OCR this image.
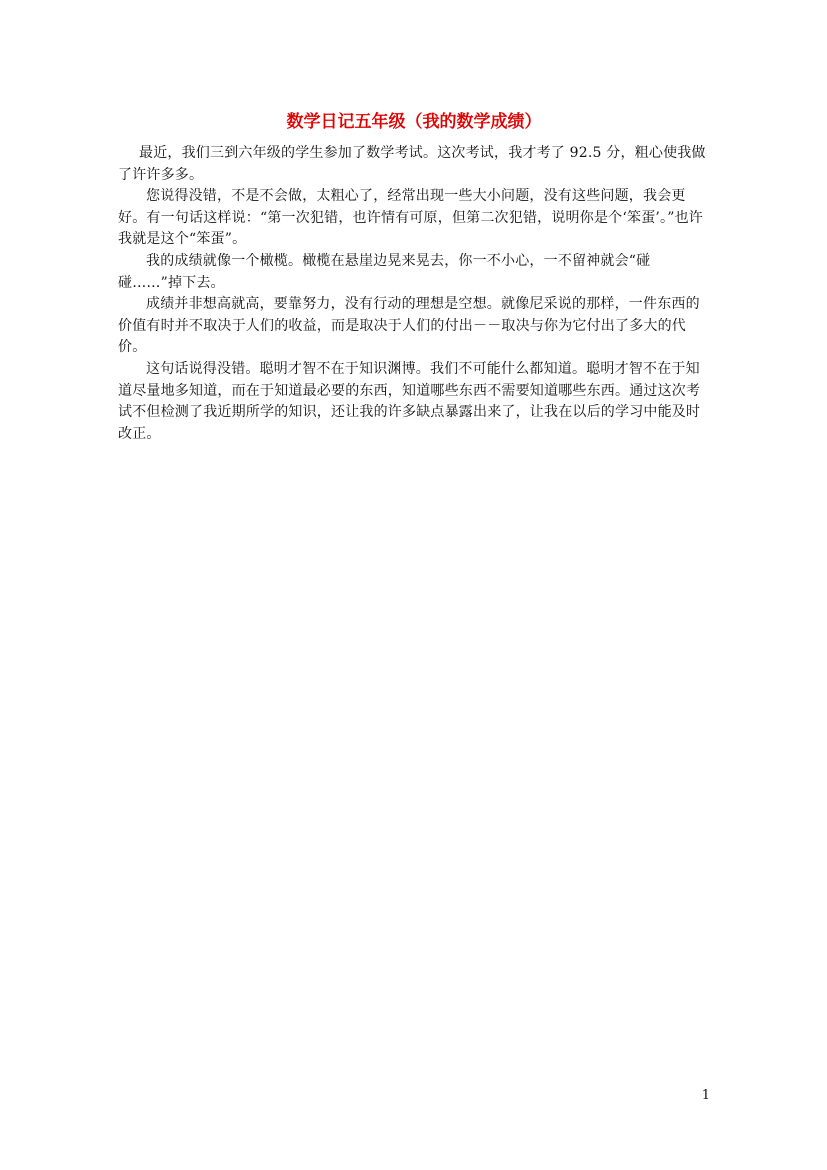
数学日记五年级（我的数学成绩）

最近，我们三到六年级的学生参加了数学考试。这次考试，我才考了 92.5 分，粗心使我做了许许多多。

您说得没错，不是不会做，太粗心了，经常出现一些大小问题，没有这些问题，我会更好。有一句话这样说：“第一次犯错，也许情有可原，但第二次犯错，说明你是个‘笨蛋’。”也许我就是这个“笨蛋”。

我的成绩就像一个橄榄。橄榄在悬崖边晃来晃去，你一不小心，一不留神就会“碰碰……”掉下去。

成绩并非想高就高，要靠努力，没有行动的理想是空想。就像尼采说的那样，一件东西的价值有时并不取决于人们的收益，而是取决于人们的付出－－取决与你为它付出了多大的代价。

这句话说得没错。聪明才智不在于知识渊博。我们不可能什么都知道。聪明才智不在于知道尽量地多知道，而在于知道最必要的东西，知道哪些东西不需要知道哪些东西。通过这次考试不但检测了我近期所学的知识，还让我的许多缺点暴露出来了，让我在以后的学习中能及时改正。

1
